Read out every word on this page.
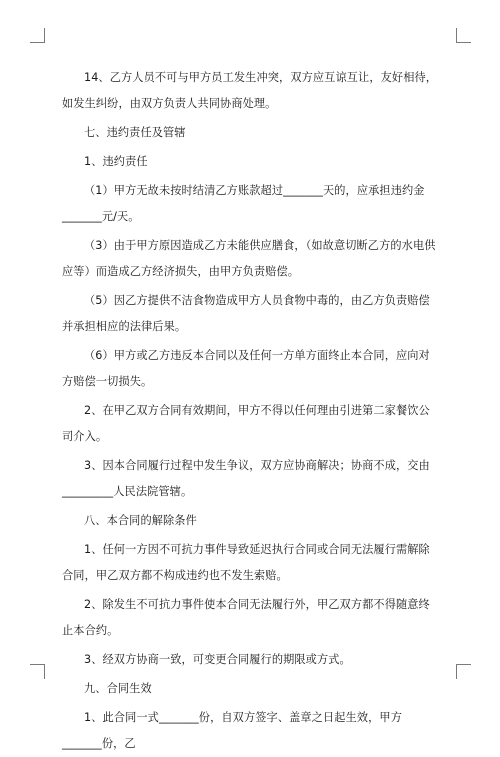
14、乙方人员不可与甲方员工发生冲突，双方应互谅互让，友好相待，如发生纠纷，由双方负责人共同协商处理。

七、违约责任及管辖

1、违约责任

（1）甲方无故未按时结清乙方账款超过_______天的，应承担违约金_______元/天。

（3）由于甲方原因造成乙方未能供应膳食，（如故意切断乙方的水电供应等）而造成乙方经济损失，由甲方负责赔偿。

（5）因乙方提供不洁食物造成甲方人员食物中毒的，由乙方负责赔偿并承担相应的法律后果。

（6）甲方或乙方违反本合同以及任何一方单方面终止本合同，应向对方赔偿一切损失。

2、在甲乙双方合同有效期间，甲方不得以任何理由引进第二家餐饮公司介入。

3、因本合同履行过程中发生争议，双方应协商解决；协商不成，交由_________人民法院管辖。

八、本合同的解除条件

1、任何一方因不可抗力事件导致延迟执行合同或合同无法履行需解除合同，甲乙双方都不构成违约也不发生索赔。

2、除发生不可抗力事件使本合同无法履行外，甲乙双方都不得随意终止本合约。

3、经双方协商一致，可变更合同履行的期限或方式。

九、合同生效

1、此合同一式_______份，自双方签字、盖章之日起生效，甲方_______份，乙
